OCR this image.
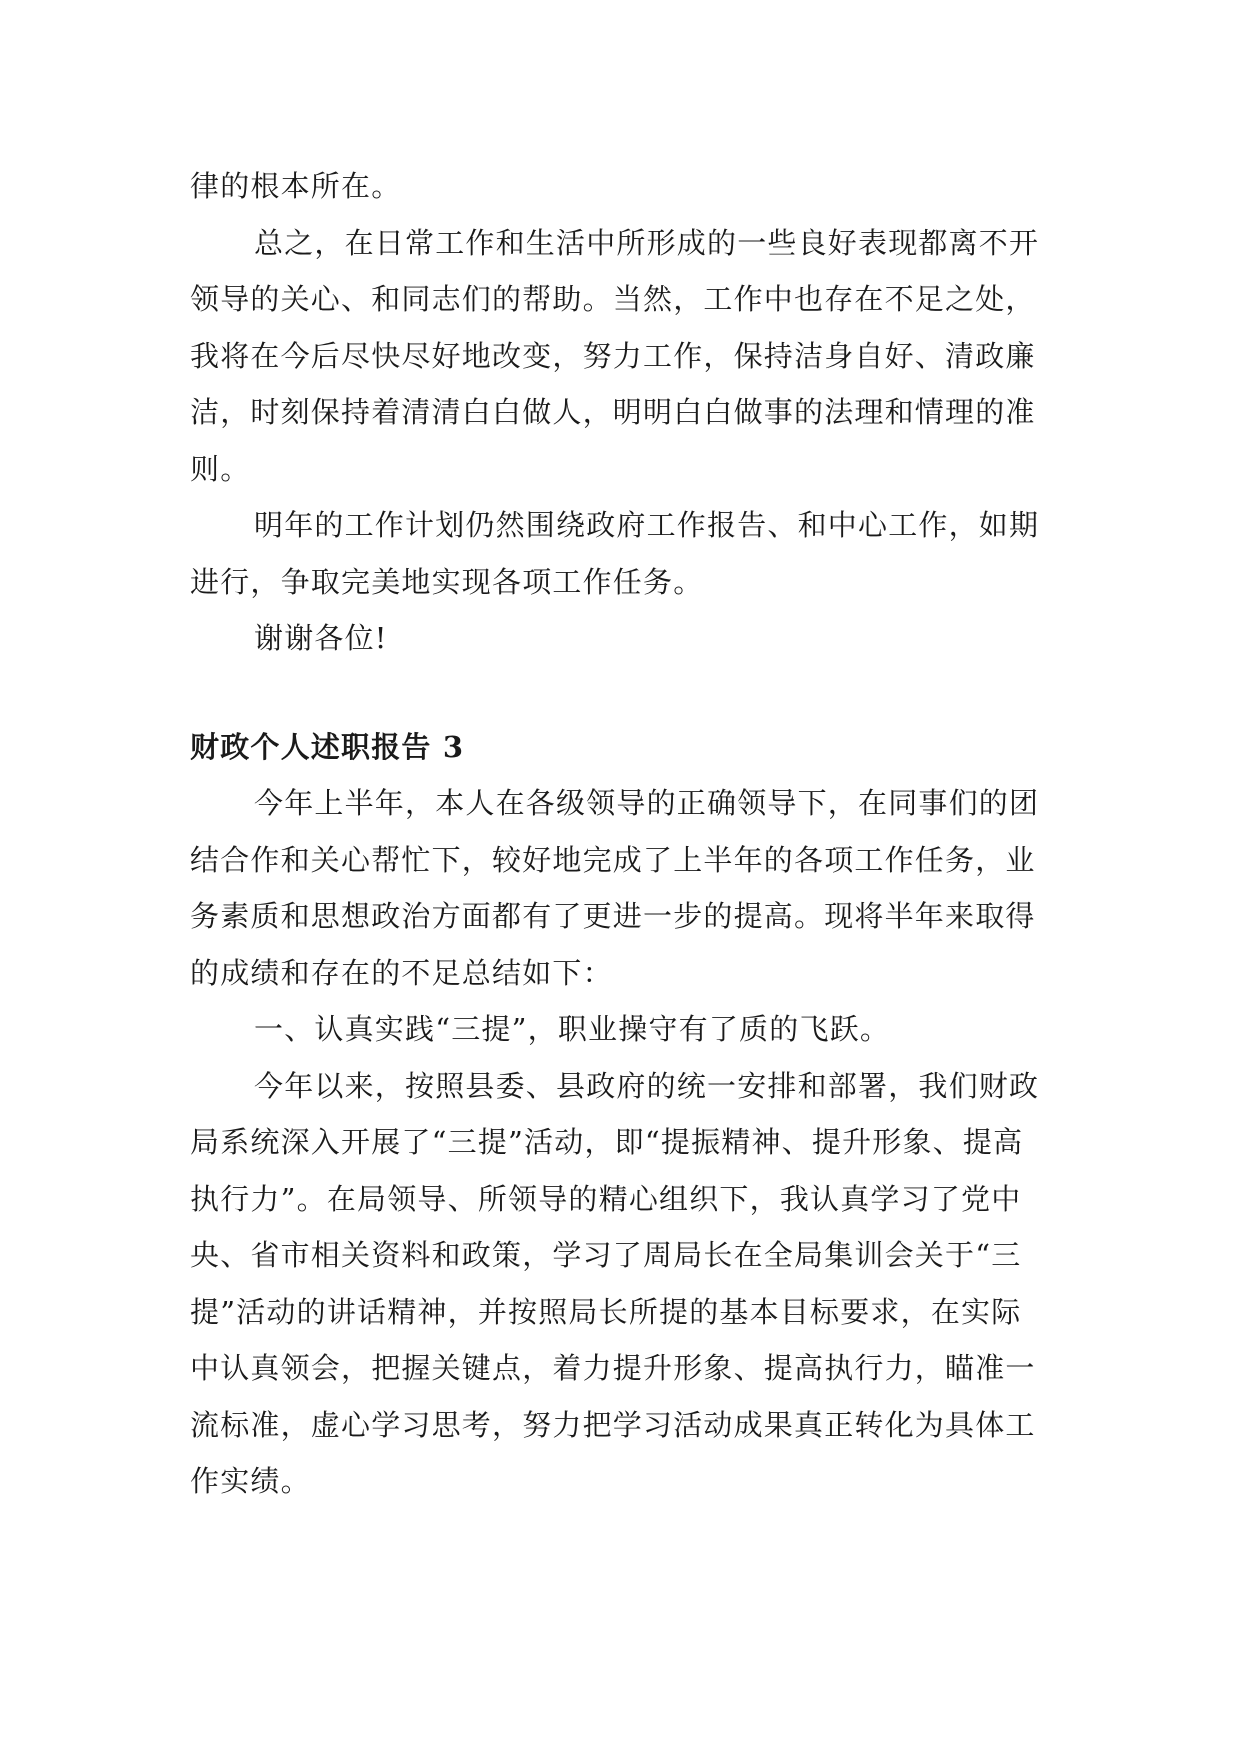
律的根本所在。

总之，在日常工作和生活中所形成的一些良好表现都离不开领导的关心、和同志们的帮助。当然，工作中也存在不足之处，我将在今后尽快尽好地改变，努力工作，保持洁身自好、清政廉洁，时刻保持着清清白白做人，明明白白做事的法理和情理的准则。

明年的工作计划仍然围绕政府工作报告、和中心工作，如期进行，争取完美地实现各项工作任务。

谢谢各位!

财政个人述职报告 3

今年上半年，本人在各级领导的正确领导下，在同事们的团结合作和关心帮忙下，较好地完成了上半年的各项工作任务，业务素质和思想政治方面都有了更进一步的提高。现将半年来取得的成绩和存在的不足总结如下：

一、认真实践“三提”，职业操守有了质的飞跃。

今年以来，按照县委、县政府的统一安排和部署，我们财政局系统深入开展了“三提”活动，即“提振精神、提升形象、提高执行力”。在局领导、所领导的精心组织下，我认真学习了党中央、省市相关资料和政策，学习了周局长在全局集训会关于“三提”活动的讲话精神，并按照局长所提的基本目标要求，在实际中认真领会，把握关键点，着力提升形象、提高执行力，瞄准一流标准，虚心学习思考，努力把学习活动成果真正转化为具体工作实绩。
